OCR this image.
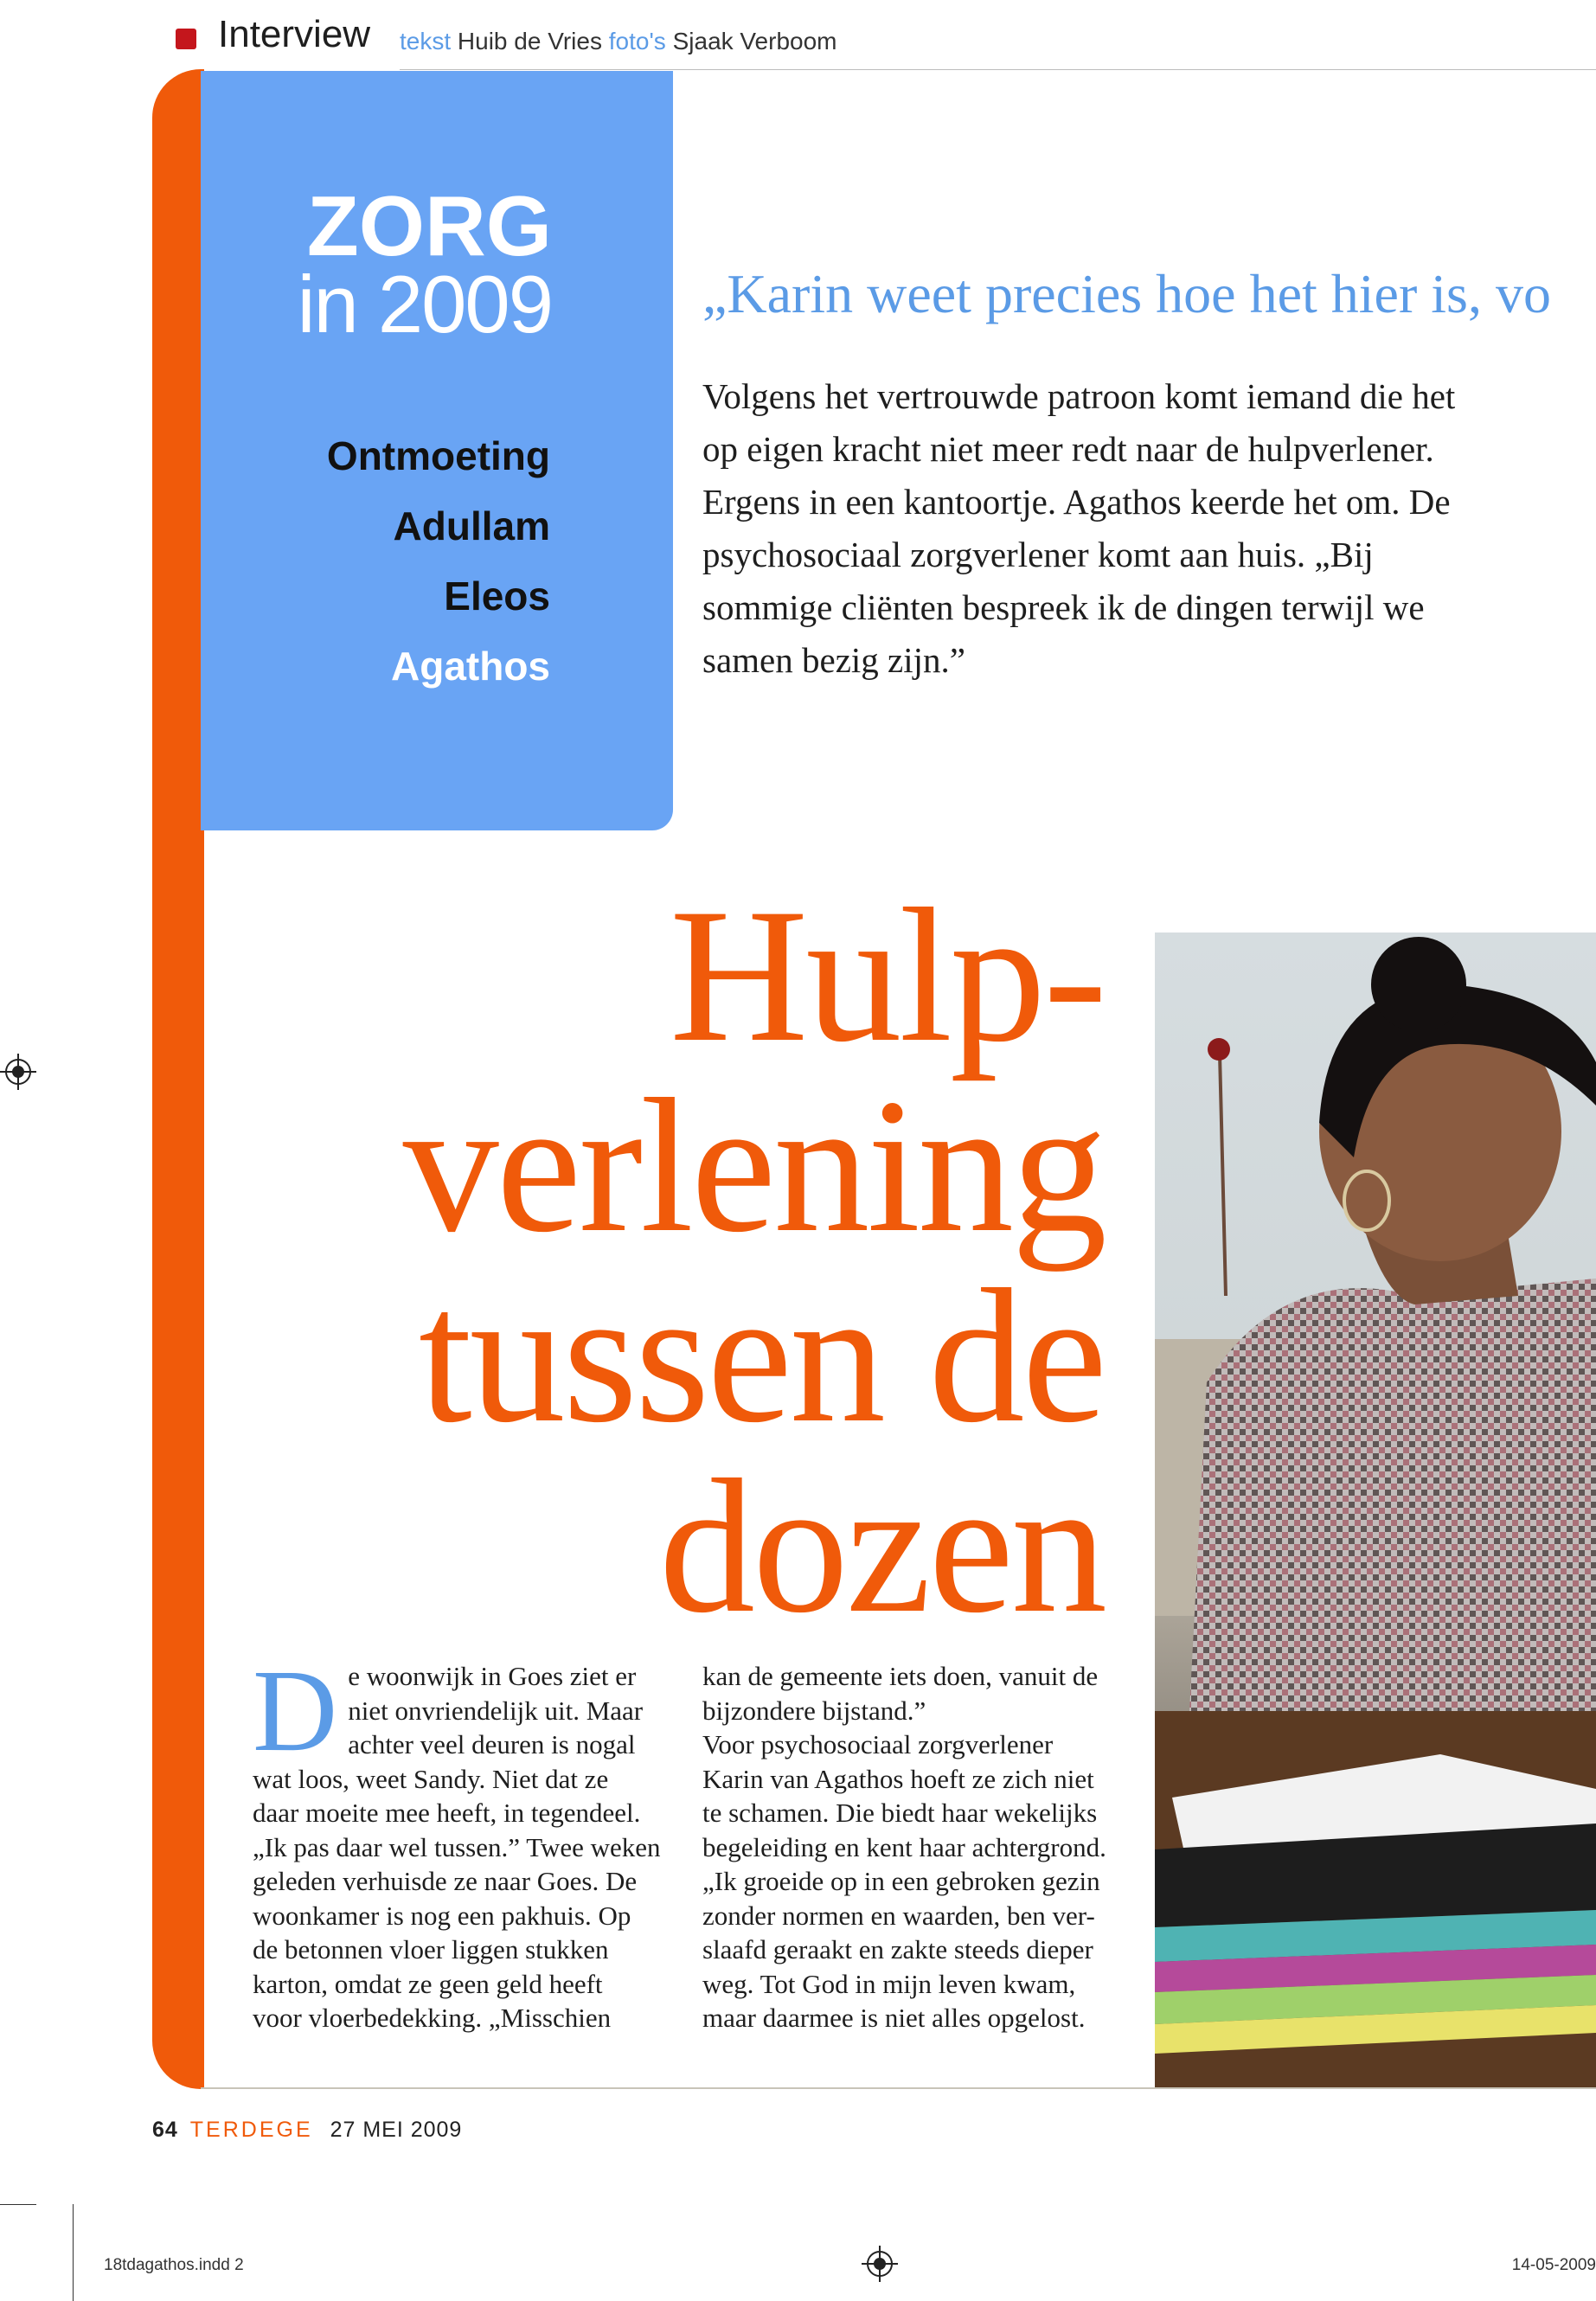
Interview tekst Huib de Vries foto's Sjaak Verboom
ZORG
in 2009
Ontmoeting
Adullam
Eleos
Agathos
„Karin weet precies hoe het hier is, vo
Volgens het vertrouwde patroon komt iemand die het op eigen kracht niet meer redt naar de hulpverlener. Ergens in een kantoortje. Agathos keerde het om. De psychosociaal zorgverlener komt aan huis. „Bij sommige cliënten bespreek ik de dingen terwijl we samen bezig zijn.”
Hulp-
verlening
tussen de
dozen
D e woonwijk in Goes ziet er
niet onvriendelijk uit. Maar
achter veel deuren is nogal
wat loos, weet Sandy. Niet dat ze
daar moeite mee heeft, in tegendeel.
„Ik pas daar wel tussen.” Twee weken
geleden verhuisde ze naar Goes. De
woonkamer is nog een pakhuis. Op
de betonnen vloer liggen stukken
karton, omdat ze geen geld heeft
voor vloerbedekking. „Misschien
kan de gemeente iets doen, vanuit de
bijzondere bijstand.”
Voor psychosociaal zorgverlener
Karin van Agathos hoeft ze zich niet
te schamen. Die biedt haar wekelijks
begeleiding en kent haar achtergrond.
„Ik groeide op in een gebroken gezin
zonder normen en waarden, ben ver-
slaafd geraakt en zakte steeds dieper
weg. Tot God in mijn leven kwam,
maar daarmee is niet alles opgelost.
64 TERDEGE 27 MEI 2009
18tdagathos.indd 2	14-05-2009
